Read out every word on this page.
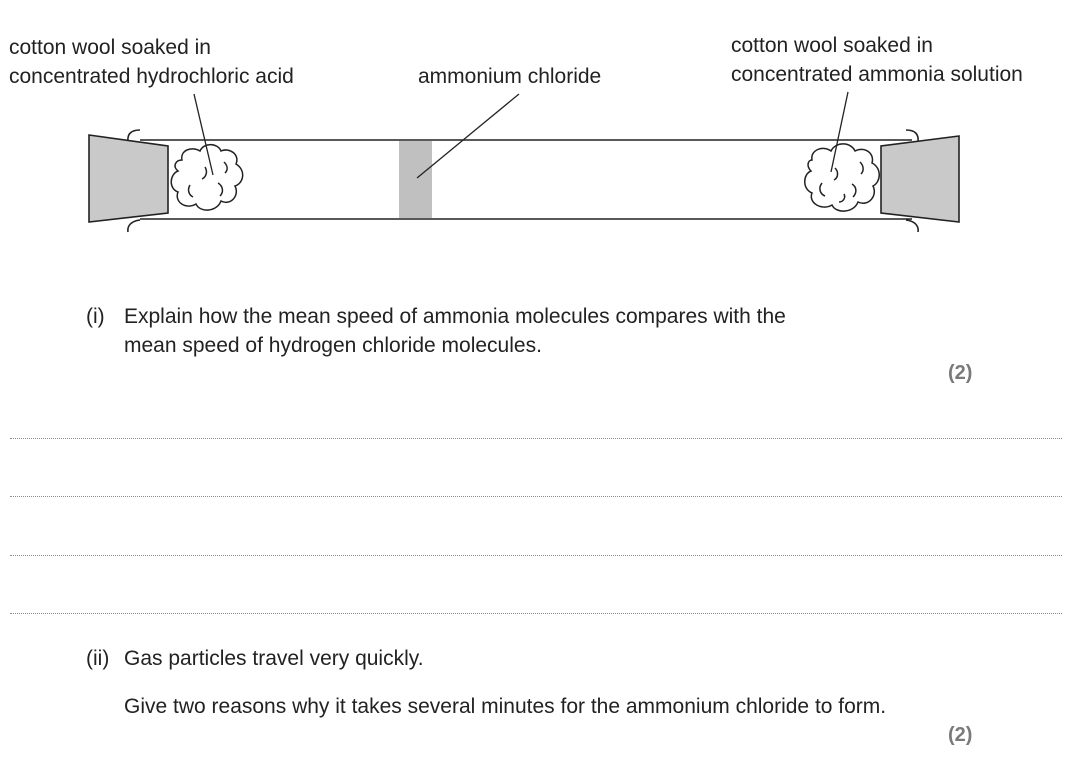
cotton wool soaked in
concentrated hydrochloric acid	ammonium chloride
cotton wool soaked in
concentrated ammonia solution
(i) Explain how the mean speed of ammonia molecules compares with the
mean speed of hydrogen chloride molecules.
(2)
(ii) Gas particles travel very quickly.
Give two reasons why it takes several minutes for the ammonium chloride to form.
(2)
